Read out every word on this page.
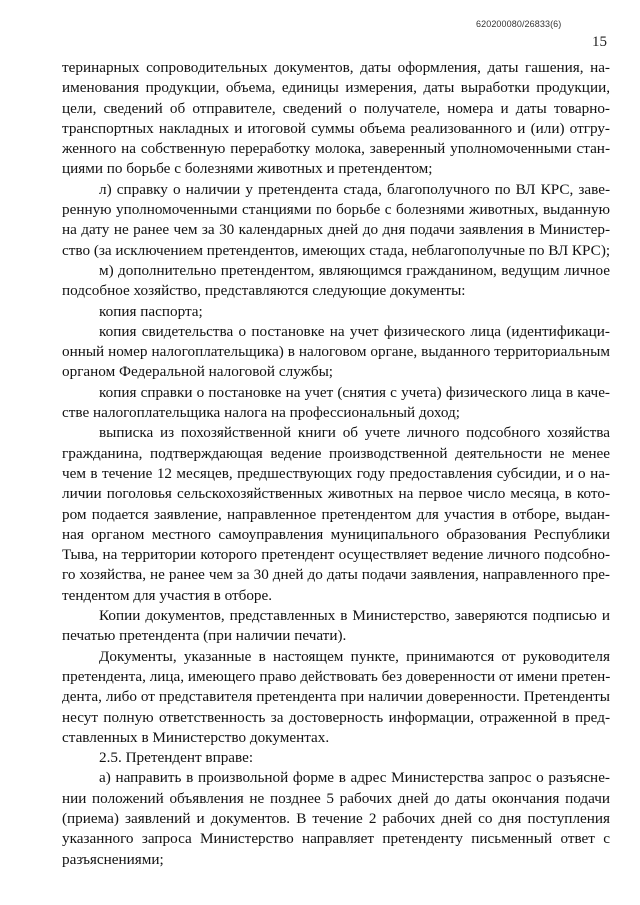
620200080/26833(6)
15
теринарных сопроводительных документов, даты оформления, даты гашения, на-
именования продукции, объема, единицы измерения, даты выработки продукции,
цели, сведений об отправителе, сведений о получателе, номера и даты товарно-
транспортных накладных и итоговой суммы объема реализованного и (или) отгру-
женного на собственную переработку молока, заверенный уполномоченными стан-
циями по борьбе с болезнями животных и претендентом;
л) справку о наличии у претендента стада, благополучного по ВЛ КРС, заве-
ренную уполномоченными станциями по борьбе с болезнями животных, выданную
на дату не ранее чем за 30 календарных дней до дня подачи заявления в Министер-
ство (за исключением претендентов, имеющих стада, неблагополучные по ВЛ КРС);
м) дополнительно претендентом, являющимся гражданином, ведущим личное
подсобное хозяйство, представляются следующие документы:
копия паспорта;
копия свидетельства о постановке на учет физического лица (идентификаци-
онный номер налогоплательщика) в налоговом органе, выданного территориальным
органом Федеральной налоговой службы;
копия справки о постановке на учет (снятия с учета) физического лица в каче-
стве налогоплательщика налога на профессиональный доход;
выписка из похозяйственной книги об учете личного подсобного хозяйства
гражданина, подтверждающая ведение производственной деятельности не менее
чем в течение 12 месяцев, предшествующих году предоставления субсидии, и о на-
личии поголовья сельскохозяйственных животных на первое число месяца, в кото-
ром подается заявление, направленное претендентом для участия в отборе, выдан-
ная органом местного самоуправления муниципального образования Республики
Тыва, на территории которого претендент осуществляет ведение личного подсобно-
го хозяйства, не ранее чем за 30 дней до даты подачи заявления, направленного пре-
тендентом для участия в отборе.
Копии документов, представленных в Министерство, заверяются подписью и
печатью претендента (при наличии печати).
Документы, указанные в настоящем пункте, принимаются от руководителя
претендента, лица, имеющего право действовать без доверенности от имени претен-
дента, либо от представителя претендента при наличии доверенности. Претенденты
несут полную ответственность за достоверность информации, отраженной в пред-
ставленных в Министерство документах.
2.5. Претендент вправе:
а) направить в произвольной форме в адрес Министерства запрос о разъясне-
нии положений объявления не позднее 5 рабочих дней до даты окончания подачи
(приема) заявлений и документов. В течение 2 рабочих дней со дня поступления
указанного запроса Министерство направляет претенденту письменный ответ с
разъяснениями;
